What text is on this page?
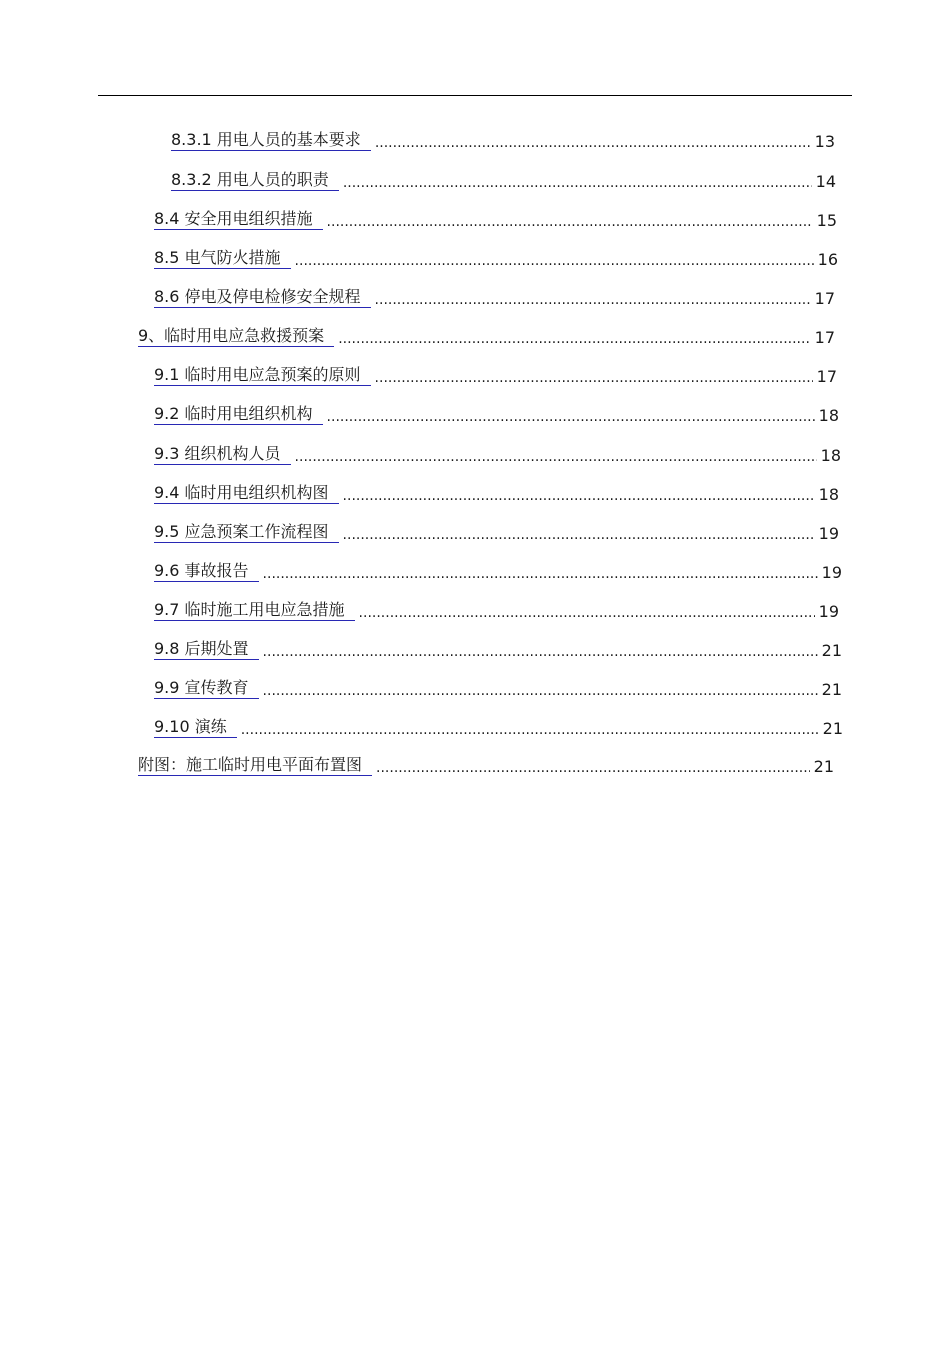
8.3.1 用电人员的基本要求 .....	13
8.3.2 用电人员的职责 .....	14
8.4 安全用电组织措施 .....	15
8.5 电气防火措施 .....	16
8.6 停电及停电检修安全规程 .....	17
9、临时用电应急救援预案 .....	17
9.1 临时用电应急预案的原则 .....	17
9.2 临时用电组织机构 .....	18
9.3 组织机构人员 .....	18
9.4 临时用电组织机构图 .....	18
9.5 应急预案工作流程图 .....	19
9.6 事故报告 .....	19
9.7 临时施工用电应急措施 .....	19
9.8 后期处置 .....	21
9.9 宣传教育 .....	21
9.10 演练 .....	21
附图：施工临时用电平面布置图 .....	21
